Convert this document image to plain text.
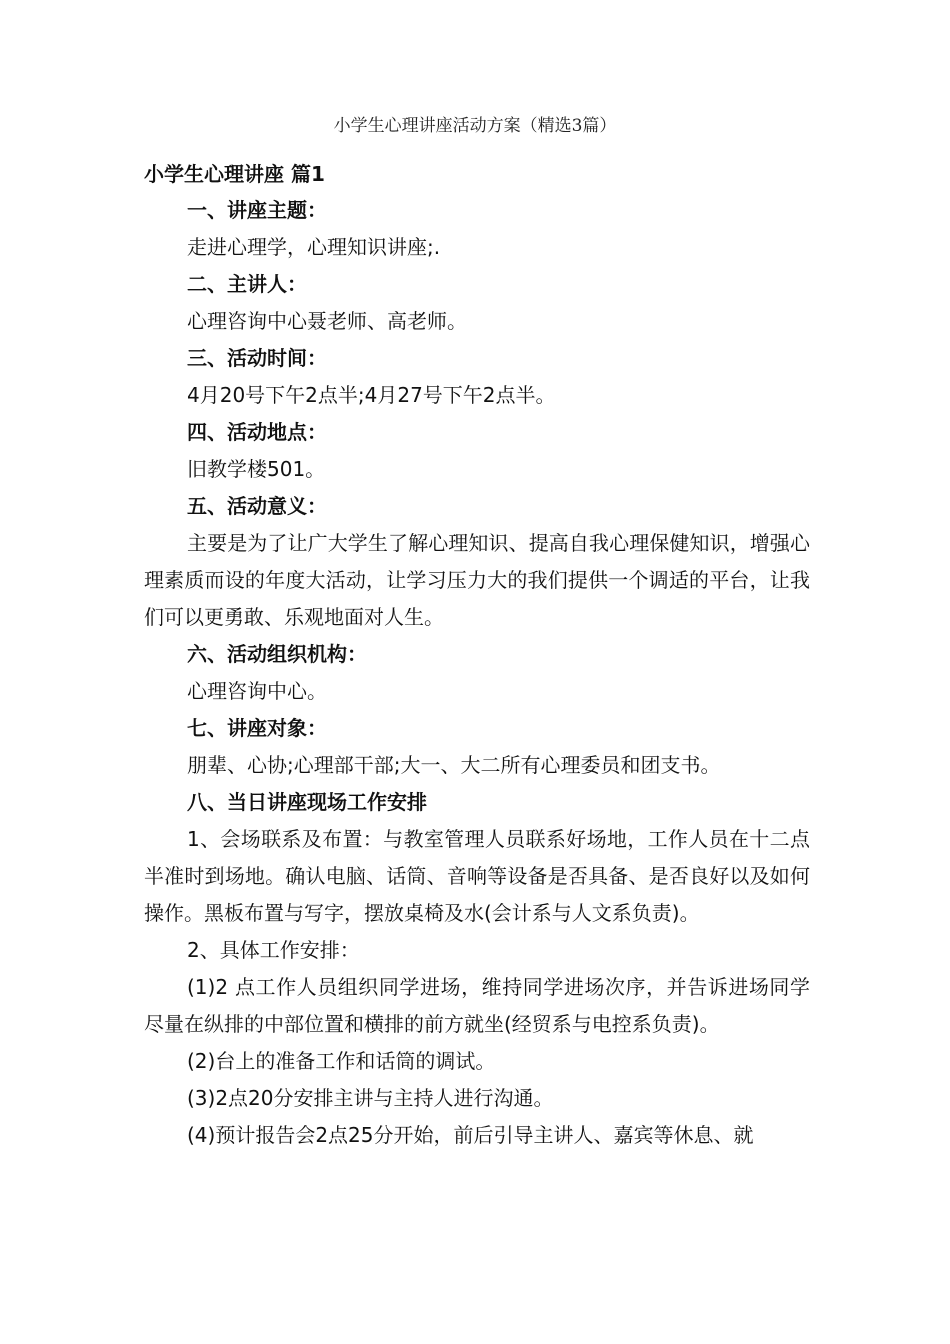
小学生心理讲座活动方案（精选3篇）

小学生心理讲座 篇1

一、讲座主题：

走进心理学，心理知识讲座;.

二、主讲人：

心理咨询中心聂老师、高老师。

三、活动时间：

4月20号下午2点半;4月27号下午2点半。

四、活动地点：

旧教学楼501。

五、活动意义：

主要是为了让广大学生了解心理知识、提高自我心理保健知识，增强心理素质而设的年度大活动，让学习压力大的我们提供一个调适的平台，让我们可以更勇敢、乐观地面对人生。

六、活动组织机构：

心理咨询中心。

七、讲座对象：

朋辈、心协;心理部干部;大一、大二所有心理委员和团支书。

八、当日讲座现场工作安排

1、会场联系及布置：与教室管理人员联系好场地，工作人员在十二点半准时到场地。确认电脑、话筒、音响等设备是否具备、是否良好以及如何操作。黑板布置与写字，摆放桌椅及水(会计系与人文系负责)。

2、具体工作安排：

(1)2 点工作人员组织同学进场，维持同学进场次序，并告诉进场同学尽量在纵排的中部位置和横排的前方就坐(经贸系与电控系负责)。

(2)台上的准备工作和话筒的调试。

(3)2点20分安排主讲与主持人进行沟通。

(4)预计报告会2点25分开始，前后引导主讲人、嘉宾等休息、就
